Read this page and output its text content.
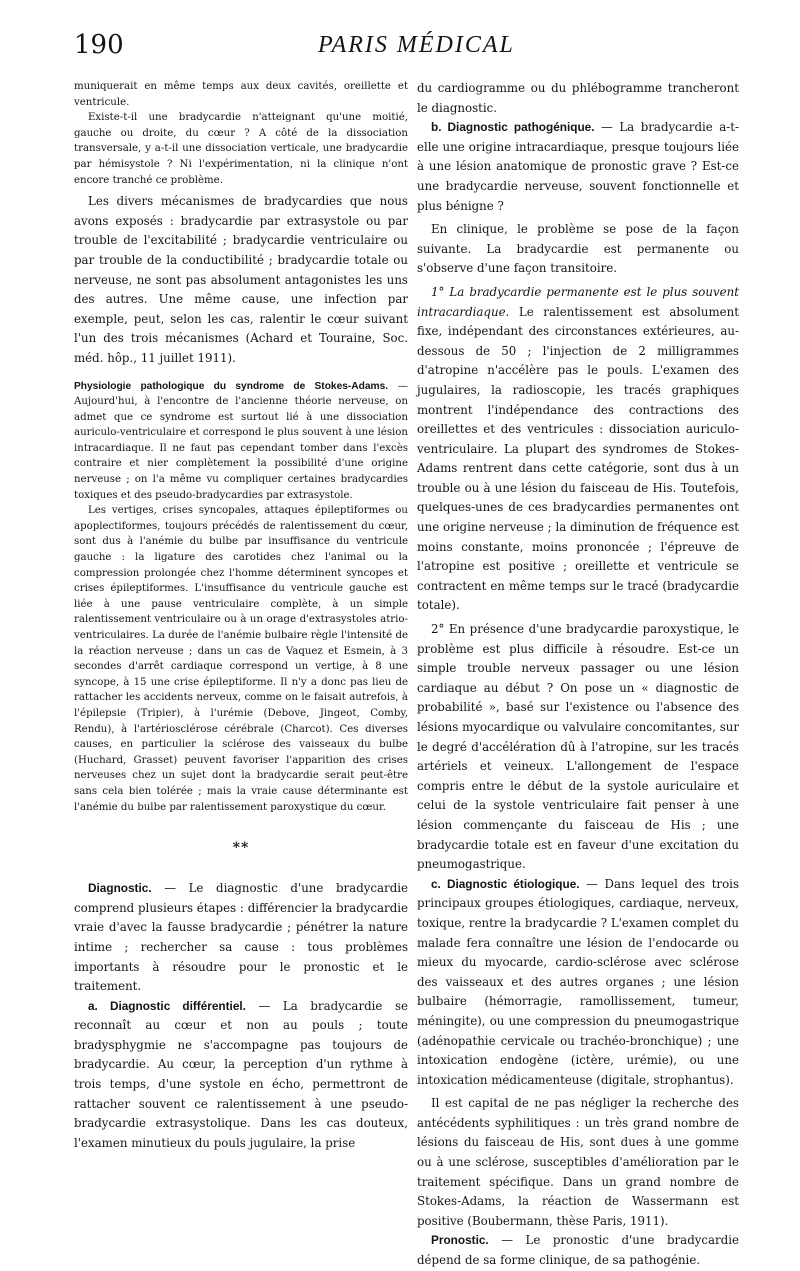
190	PARIS MÉDICAL

muniquerait en même temps aux deux cavités, oreillette et ventricule.

Existe-t-il une bradycardie n'atteignant qu'une moitié, gauche ou droite, du cœur ? A côté de la dissociation transversale, y a-t-il une dissociation verticale, une bradycardie par hémisystole ? Ni l'expérimentation, ni la clinique n'ont encore tranché ce problème.

Les divers mécanismes de bradycardies que nous avons exposés : bradycardie par extrasystole ou par trouble de l'excitabilité ; bradycardie ventriculaire ou par trouble de la conductibilité ; bradycardie totale ou nerveuse, ne sont pas absolument antagonistes les uns des autres. Une même cause, une infection par exemple, peut, selon les cas, ralentir le cœur suivant l'un des trois mécanismes (Achard et Touraine, Soc. méd. hôp., 11 juillet 1911).

Physiologie pathologique du syndrome de Stokes-Adams. — Aujourd'hui, à l'encontre de l'ancienne théorie nerveuse, on admet que ce syndrome est surtout lié à une dissociation auriculo-ventriculaire et correspond le plus souvent à une lésion intracardiaque. Il ne faut pas cependant tomber dans l'excès contraire et nier complètement la possibilité d'une origine nerveuse ; on l'a même vu compliquer certaines bradycardies toxiques et des pseudo-bradycardies par extrasystole.

Les vertiges, crises syncopales, attaques épileptiformes ou apoplectiformes, toujours précédés de ralentissement du cœur, sont dus à l'anémie du bulbe par insuffisance du ventricule gauche : la ligature des carotides chez l'animal ou la compression prolongée chez l'homme déterminent syncopes et crises épileptiformes. L'insuffisance du ventricule gauche est liée à une pause ventriculaire complète, à un simple ralentissement ventriculaire ou à un orage d'extrasystoles atrio-ventriculaires. La durée de l'anémie bulbaire règle l'intensité de la réaction nerveuse ; dans un cas de Vaquez et Esmein, à 3 secondes d'arrêt cardiaque correspond un vertige, à 8 une syncope, à 15 une crise épileptiforme. Il n'y a donc pas lieu de rattacher les accidents nerveux, comme on le faisait autrefois, à l'épilepsie (Tripier), à l'urémie (Debove, Jingeot, Comby, Rendu), à l'artériosclérose cérébrale (Charcot). Ces diverses causes, en particulier la sclérose des vaisseaux du bulbe (Huchard, Grasset) peuvent favoriser l'apparition des crises nerveuses chez un sujet dont la bradycardie serait peut-être sans cela bien tolérée ; mais la vraie cause déterminante est l'anémie du bulbe par ralentissement paroxystique du cœur.

**

Diagnostic. — Le diagnostic d'une bradycardie comprend plusieurs étapes : différencier la bradycardie vraie d'avec la fausse bradycardie ; pénétrer la nature intime ; rechercher sa cause : tous problèmes importants à résoudre pour le pronostic et le traitement.

a. Diagnostic différentiel. — La bradycardie se reconnaît au cœur et non au pouls ; toute bradysphygmie ne s'accompagne pas toujours de bradycardie. Au cœur, la perception d'un rythme à trois temps, d'une systole en écho, permettront de rattacher souvent ce ralentissement à une pseudo-bradycardie extrasystolique. Dans les cas douteux, l'examen minutieux du pouls jugulaire, la prise

du cardiogramme ou du phlébogramme trancheront le diagnostic.

b. Diagnostic pathogénique. — La bradycardie a-t-elle une origine intracardiaque, presque toujours liée à une lésion anatomique de pronostic grave ? Est-ce une bradycardie nerveuse, souvent fonctionnelle et plus bénigne ?

En clinique, le problème se pose de la façon suivante. La bradycardie est permanente ou s'observe d'une façon transitoire.

1° La bradycardie permanente est le plus souvent intracardiaque. Le ralentissement est absolument fixe, indépendant des circonstances extérieures, au-dessous de 50 ; l'injection de 2 milligrammes d'atropine n'accélère pas le pouls. L'examen des jugulaires, la radioscopie, les tracés graphiques montrent l'indépendance des contractions des oreillettes et des ventricules : dissociation auriculo-ventriculaire. La plupart des syndromes de Stokes-Adams rentrent dans cette catégorie, sont dus à un trouble ou à une lésion du faisceau de His. Toutefois, quelques-unes de ces bradycardies permanentes ont une origine nerveuse ; la diminution de fréquence est moins constante, moins prononcée ; l'épreuve de l'atropine est positive ; oreillette et ventricule se contractent en même temps sur le tracé (bradycardie totale).

2° En présence d'une bradycardie paroxystique, le problème est plus difficile à résoudre. Est-ce un simple trouble nerveux passager ou une lésion cardiaque au début ? On pose un « diagnostic de probabilité », basé sur l'existence ou l'absence des lésions myocardique ou valvulaire concomitantes, sur le degré d'accélération dû à l'atropine, sur les tracés artériels et veineux. L'allongement de l'espace compris entre le début de la systole auriculaire et celui de la systole ventriculaire fait penser à une lésion commençante du faisceau de His ; une bradycardie totale est en faveur d'une excitation du pneumogastrique.

c. Diagnostic étiologique. — Dans lequel des trois principaux groupes étiologiques, cardiaque, nerveux, toxique, rentre la bradycardie ? L'examen complet du malade fera connaître une lésion de l'endocarde ou mieux du myocarde, cardio-sclérose avec sclérose des vaisseaux et des autres organes ; une lésion bulbaire (hémorragie, ramollissement, tumeur, méningite), ou une compression du pneumogastrique (adénopathie cervicale ou trachéo-bronchique) ; une intoxication endogène (ictère, urémie), ou une intoxication médicamenteuse (digitale, strophantus).

Il est capital de ne pas négliger la recherche des antécédents syphilitiques : un très grand nombre de lésions du faisceau de His, sont dues à une gomme ou à une sclérose, susceptibles d'amélioration par le traitement spécifique. Dans un grand nombre de Stokes-Adams, la réaction de Wassermann est positive (Boubermann, thèse Paris, 1911).

Pronostic. — Le pronostic d'une bradycardie dépend de sa forme clinique, de sa pathogénie.
